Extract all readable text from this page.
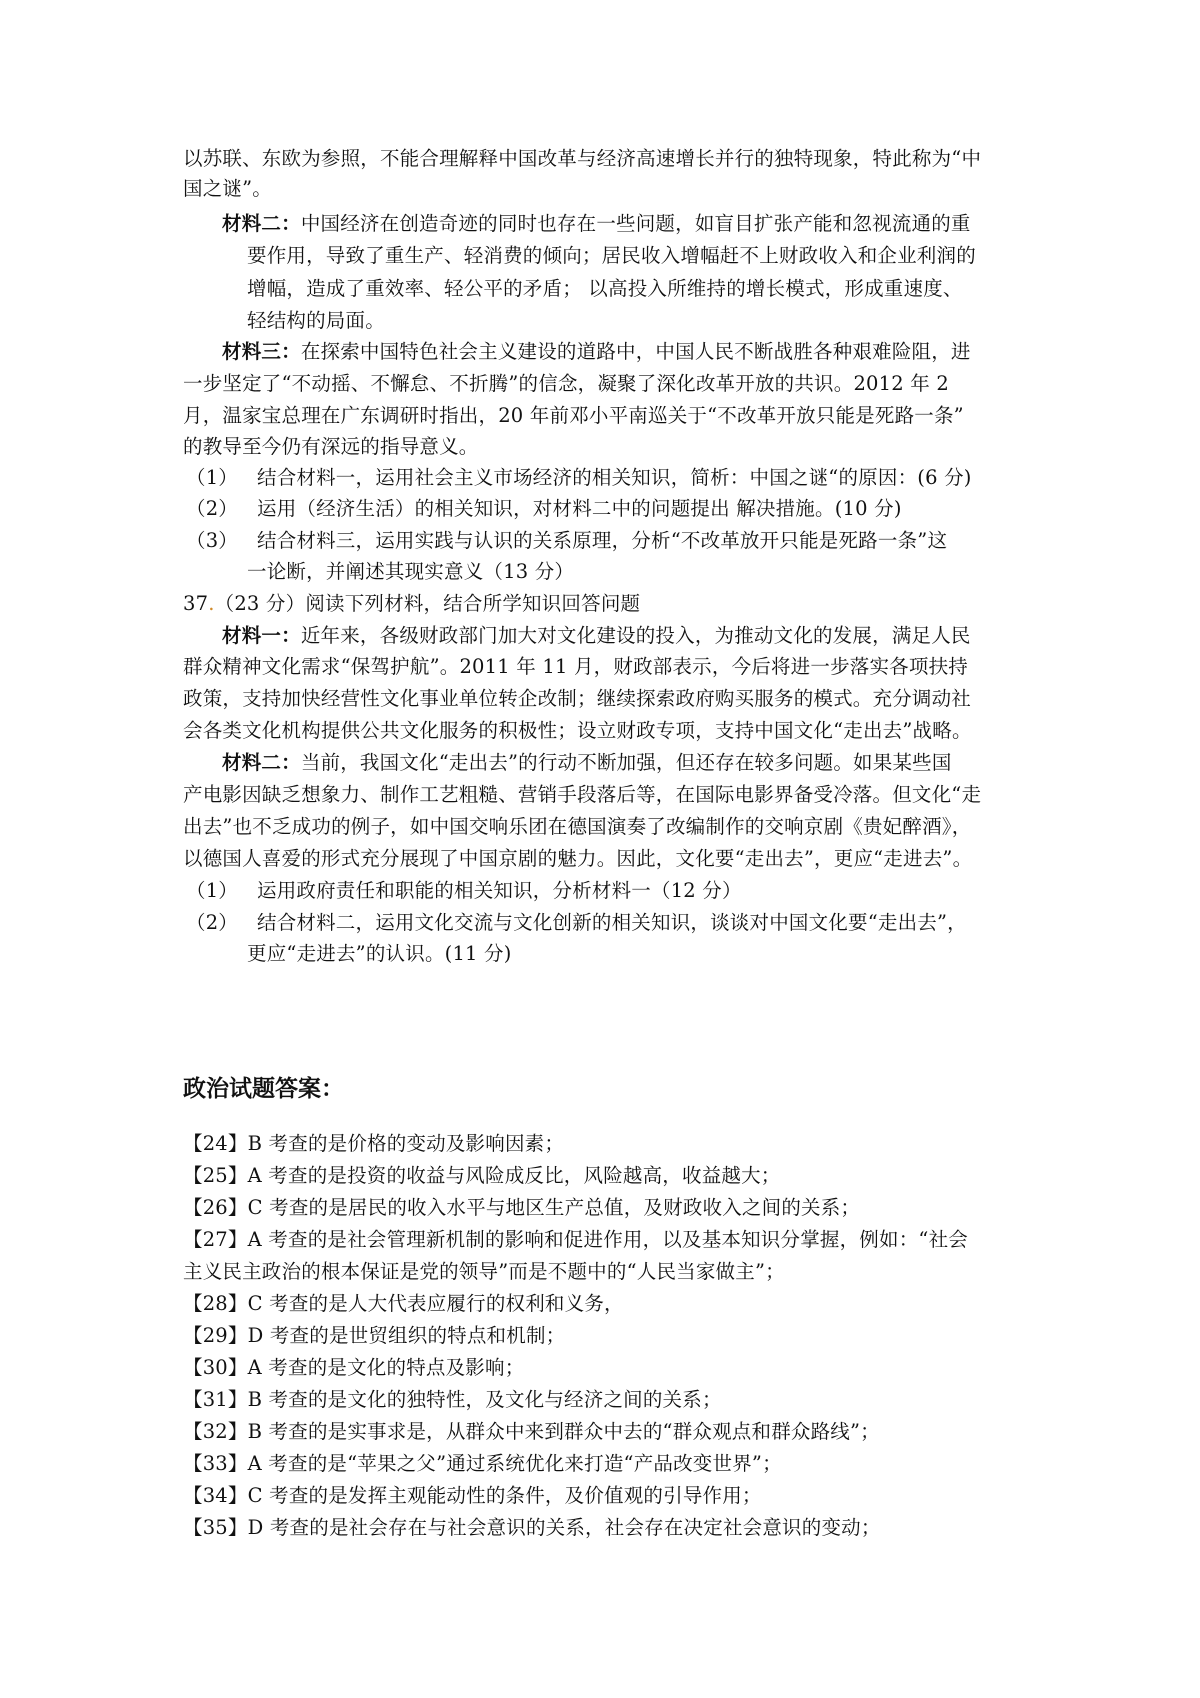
以苏联、东欧为参照，不能合理解释中国改革与经济高速增长并行的独特现象，特此称为“中
国之谜”。
材料二：中国经济在创造奇迹的同时也存在一些问题，如盲目扩张产能和忽视流通的重
要作用，导致了重生产、轻消费的倾向；居民收入增幅赶不上财政收入和企业利润的
增幅，造成了重效率、轻公平的矛盾； 以高投入所维持的增长模式，形成重速度、
轻结构的局面。
材料三：在探索中国特色社会主义建设的道路中，中国人民不断战胜各种艰难险阻，进
一步坚定了“不动摇、不懈怠、不折腾”的信念，凝聚了深化改革开放的共识。2012 年 2
月，温家宝总理在广东调研时指出，20 年前邓小平南巡关于“不改革开放只能是死路一条”
的教导至今仍有深远的指导意义。
（1） 结合材料一，运用社会主义市场经济的相关知识，简析：中国之谜“的原因：(6 分)
（2） 运用（经济生活）的相关知识，对材料二中的问题提出 解决措施。(10 分)
（3） 结合材料三，运用实践与认识的关系原理，分析“不改革放开只能是死路一条”这
一论断，并阐述其现实意义（13 分）
37.（23 分）阅读下列材料，结合所学知识回答问题
材料一：近年来，各级财政部门加大对文化建设的投入，为推动文化的发展，满足人民
群众精神文化需求“保驾护航”。2011 年 11 月，财政部表示，今后将进一步落实各项扶持
政策，支持加快经营性文化事业单位转企改制；继续探索政府购买服务的模式。充分调动社
会各类文化机构提供公共文化服务的积极性；设立财政专项，支持中国文化“走出去”战略。
材料二：当前，我国文化“走出去”的行动不断加强，但还存在较多问题。如果某些国
产电影因缺乏想象力、制作工艺粗糙、营销手段落后等，在国际电影界备受冷落。但文化“走
出去”也不乏成功的例子，如中国交响乐团在德国演奏了改编制作的交响京剧《贵妃醉酒》，
以德国人喜爱的形式充分展现了中国京剧的魅力。因此，文化要“走出去”，更应“走进去”。
（1） 运用政府责任和职能的相关知识，分析材料一（12 分）
（2） 结合材料二，运用文化交流与文化创新的相关知识，谈谈对中国文化要“走出去”，
更应“走进去”的认识。(11 分)
政治试题答案：
【24】B 考查的是价格的变动及影响因素；
【25】A 考查的是投资的收益与风险成反比，风险越高，收益越大；
【26】C 考查的是居民的收入水平与地区生产总值，及财政收入之间的关系；
【27】A 考查的是社会管理新机制的影响和促进作用，以及基本知识分掌握，例如：“社会
主义民主政治的根本保证是党的领导”而是不题中的“人民当家做主”；
【28】C 考查的是人大代表应履行的权利和义务，
【29】D 考查的是世贸组织的特点和机制；
【30】A 考查的是文化的特点及影响；
【31】B 考查的是文化的独特性，及文化与经济之间的关系；
【32】B 考查的是实事求是，从群众中来到群众中去的“群众观点和群众路线”；
【33】A 考查的是“苹果之父”通过系统优化来打造“产品改变世界”；
【34】C 考查的是发挥主观能动性的条件，及价值观的引导作用；
【35】D 考查的是社会存在与社会意识的关系，社会存在决定社会意识的变动；
